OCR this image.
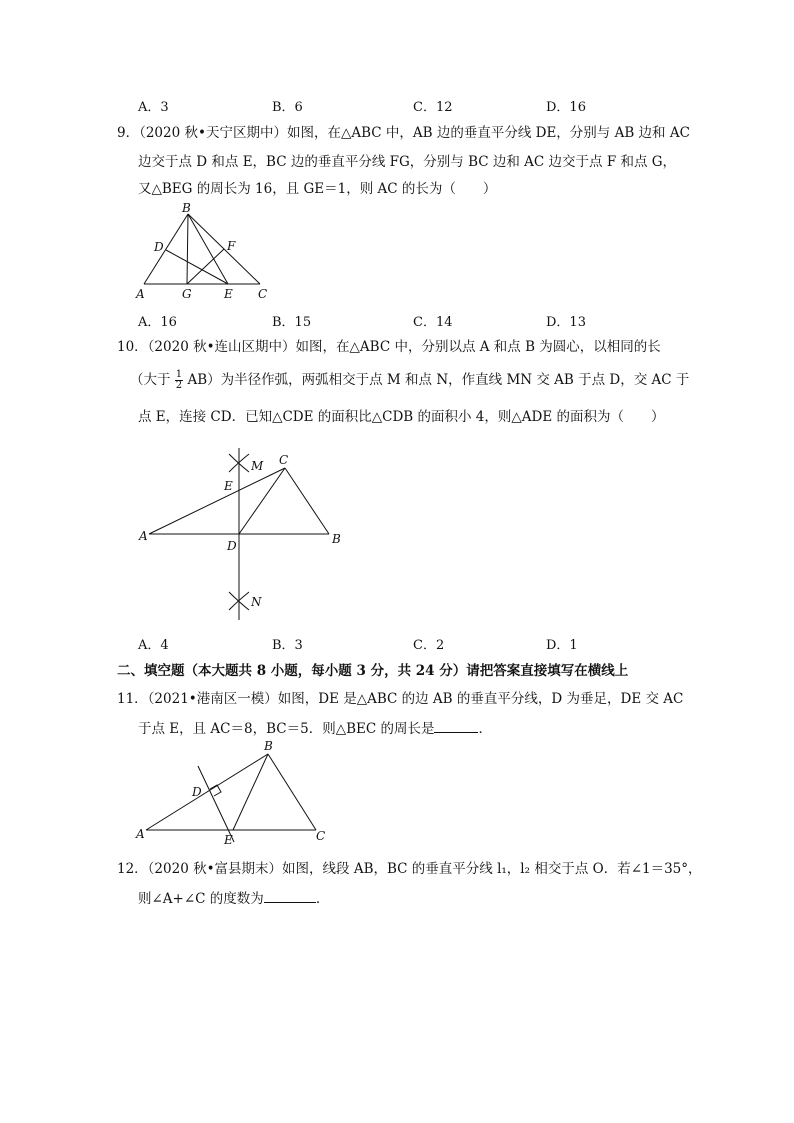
A．3	B．6	C．12	D．16
9．（2020 秋•天宁区期中）如图，在△ABC 中，AB 边的垂直平分线 DE，分别与 AB 边和 AC
边交于点 D 和点 E，BC 边的垂直平分线 FG，分别与 BC 边和 AC 边交于点 F 和点 G，
又△BEG 的周长为 16，且 GE＝1，则 AC 的长为（　　）
B
D	F
A	G	E C
A．16	B．15	C．14	D．13
10．（2020 秋•连山区期中）如图，在△ABC 中，分别以点 A 和点 B 为圆心，以相同的长
（大于 $\frac{1}{2} AB$）为半径作弧，两弧相交于点 M 和点 N，作直线 MN 交 AB 于点 D，交 AC 于
点 E，连接 CD．已知△CDE 的面积比△CDB 的面积小 4，则△ADE 的面积为（　　）
M C
E
A
D	B
N
A．4	B．3	C．2	D．1
二、填空题（本大题共 8 小题，每小题 3 分，共 24 分）请把答案直接填写在横线上
11．（2021•港南区一模）如图，DE 是△ABC 的边 AB 的垂直平分线，D 为垂足，DE 交 AC
于点 E，且 AC＝8，BC＝5．则△BEC 的周长是	．
B
D
A	E	C
12．（2020 秋•富县期末）如图，线段 AB，BC 的垂直平分线 l₁，l₂ 相交于点 O．若∠1＝35°，
则∠A+∠C 的度数为	．
